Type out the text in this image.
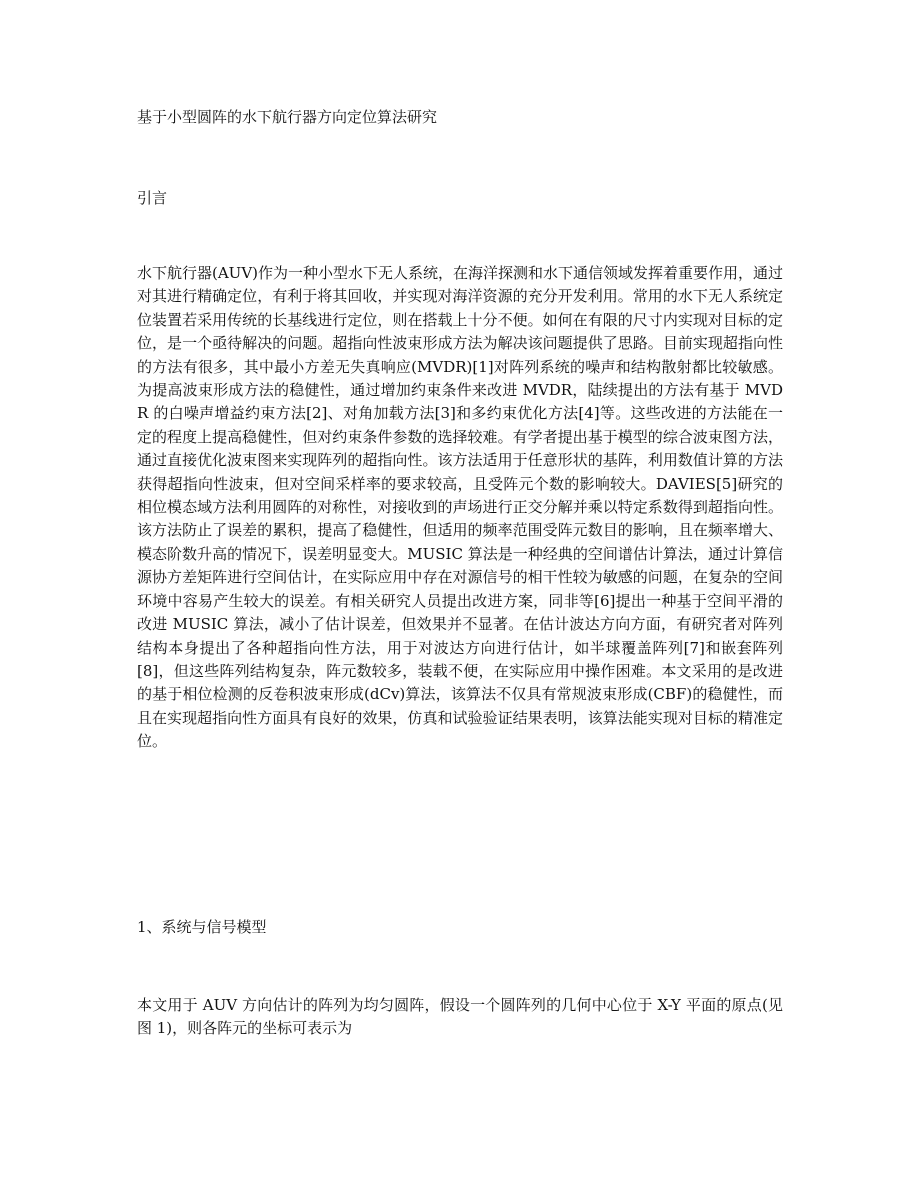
基于小型圆阵的水下航行器方向定位算法研究
引言

水下航行器(AUV)作为一种小型水下无人系统，在海洋探测和水下通信领域发挥着重要作用，通过对其进行精确定位，有利于将其回收，并实现对海洋资源的充分开发利用。常用的水下无人系统定位装置若采用传统的长基线进行定位，则在搭载上十分不便。如何在有限的尺寸内实现对目标的定位，是一个亟待解决的问题。超指向性波束形成方法为解决该问题提供了思路。目前实现超指向性的方法有很多，其中最小方差无失真响应(MVDR)[1]对阵列系统的噪声和结构散射都比较敏感。为提高波束形成方法的稳健性，通过增加约束条件来改进 MVDR，陆续提出的方法有基于 MVDR 的白噪声增益约束方法[2]、对角加载方法[3]和多约束优化方法[4]等。这些改进的方法能在一定的程度上提高稳健性，但对约束条件参数的选择较难。有学者提出基于模型的综合波束图方法，通过直接优化波束图来实现阵列的超指向性。该方法适用于任意形状的基阵，利用数值计算的方法获得超指向性波束，但对空间采样率的要求较高，且受阵元个数的影响较大。DAVIES[5]研究的相位模态域方法利用圆阵的对称性，对接收到的声场进行正交分解并乘以特定系数得到超指向性。该方法防止了误差的累积，提高了稳健性，但适用的频率范围受阵元数目的影响，且在频率增大、模态阶数升高的情况下，误差明显变大。MUSIC 算法是一种经典的空间谱估计算法，通过计算信源协方差矩阵进行空间估计，在实际应用中存在对源信号的相干性较为敏感的问题，在复杂的空间环境中容易产生较大的误差。有相关研究人员提出改进方案，同非等[6]提出一种基于空间平滑的改进 MUSIC 算法，减小了估计误差，但效果并不显著。在估计波达方向方面，有研究者对阵列结构本身提出了各种超指向性方法，用于对波达方向进行估计，如半球覆盖阵列[7]和嵌套阵列[8]，但这些阵列结构复杂，阵元数较多，装载不便，在实际应用中操作困难。本文采用的是改进的基于相位检测的反卷积波束形成(dCv)算法，该算法不仅具有常规波束形成(CBF)的稳健性，而且在实现超指向性方面具有良好的效果，仿真和试验验证结果表明，该算法能实现对目标的精准定位。

1、系统与信号模型

本文用于 AUV 方向估计的阵列为均匀圆阵，假设一个圆阵列的几何中心位于 X-Y 平面的原点(见图 1)，则各阵元的坐标可表示为
